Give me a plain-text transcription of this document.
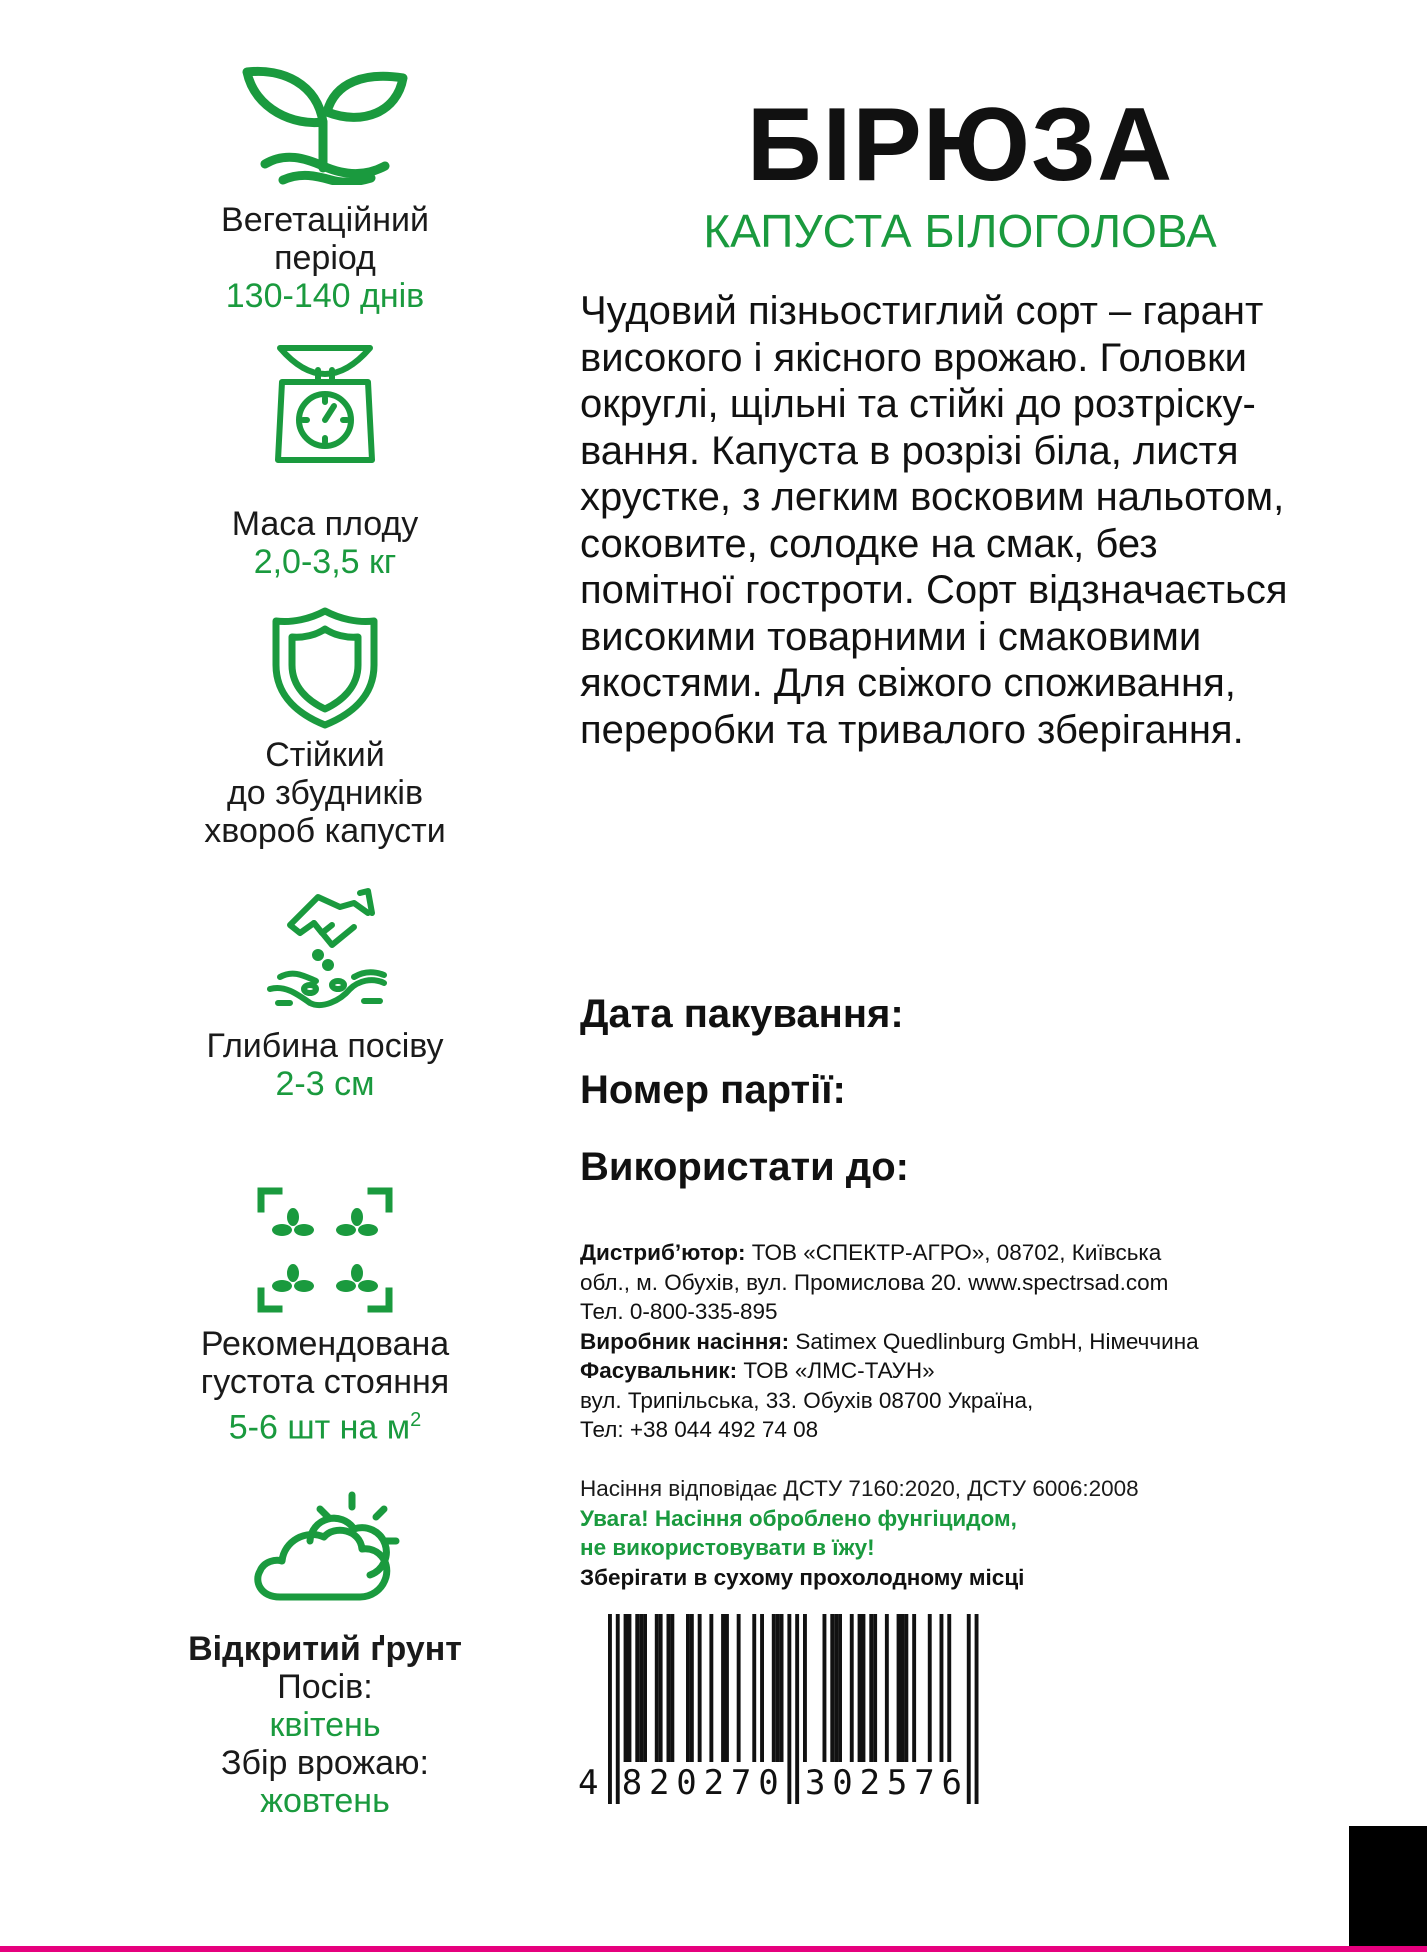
Вегетаційний
період
130-140 днів
Маса плоду
2,0-3,5 кг
Стійкий
до збудників
хвороб капусти
Глибина посіву
2-3 см
Рекомендована
густота стояння
5-6 шт на $м^2$
Відкритий ґрунт
Посів:
квітень
Збір врожаю:
жовтень
БІРЮЗА
КАПУСТА БІЛОГОЛОВА
Чудовий пізньостиглий сорт – гарант
високого і якісного врожаю. Головки
округлі, щільні та стійкі до розтріску-
вання. Капуста в розрізі біла, листя
хрустке, з легким восковим нальотом,
соковите, солодке на смак, без
помітної гостроти. Сорт відзначається
високими товарними і смаковими
якостями. Для свіжого споживання,
переробки та тривалого зберігання.
Дата пакування:
Номер партії:
Використати до:
Дистриб’ютор: ТОВ «СПЕКТР-АГРО», 08702, Київська
обл., м. Обухів, вул. Промислова 20. www.spectrsad.com
Тел. 0-800-335-895
Виробник насіння: Satimex Quedlinburg GmbH, Німеччина
Фасувальник: ТОВ «ЛМС-ТАУН»
вул. Трипільська, 33. Обухів 08700 Україна,
Тел: +38 044 492 74 08
Насіння відповідає ДСТУ 7160:2020, ДСТУ 6006:2008
Увага! Насіння оброблено фунгіцидом,
не використовувати в їжу!
Зберігати в сухому прохолодному місці
4 8 2 0 2 7 0 3 0 2 5 7 6
